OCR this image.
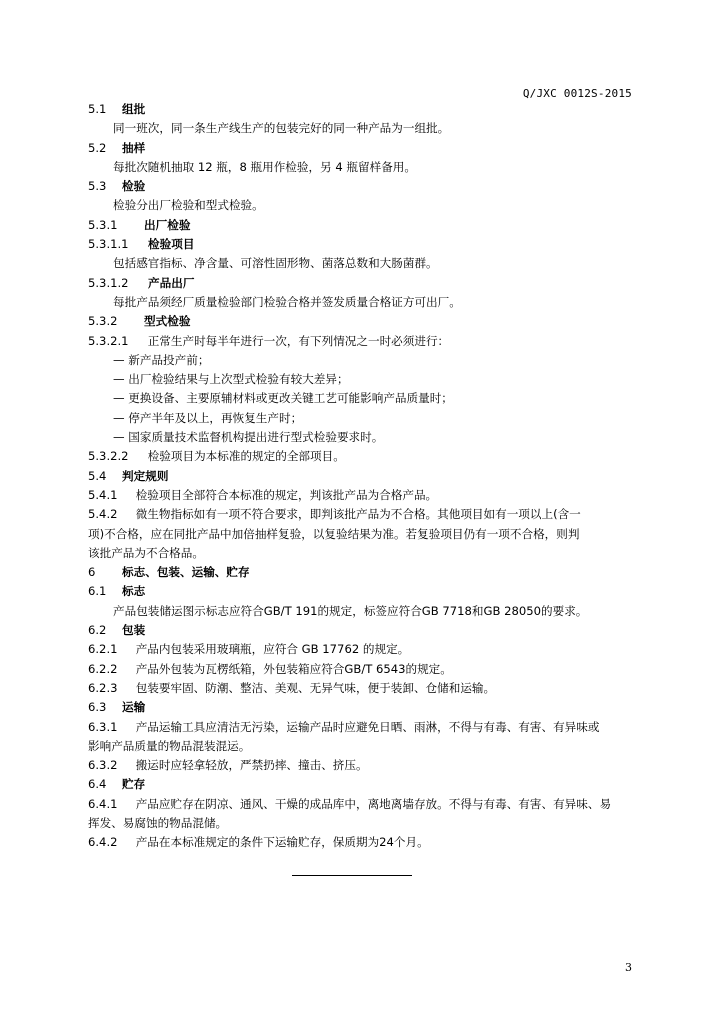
Q/JXC 0012S-2015
5.1 组批
同一班次，同一条生产线生产的包装完好的同一种产品为一组批。
5.2 抽样
每批次随机抽取 12 瓶，8 瓶用作检验，另 4 瓶留样备用。
5.3 检验
检验分出厂检验和型式检验。
5.3.1 出厂检验
5.3.1.1 检验项目
包括感官指标、净含量、可溶性固形物、菌落总数和大肠菌群。
5.3.1.2 产品出厂
每批产品须经厂质量检验部门检验合格并签发质量合格证方可出厂。
5.3.2 型式检验
5.3.2.1 正常生产时每半年进行一次，有下列情况之一时必须进行：
— 新产品投产前；
— 出厂检验结果与上次型式检验有较大差异；
— 更换设备、主要原辅材料或更改关键工艺可能影响产品质量时；
— 停产半年及以上，再恢复生产时；
— 国家质量技术监督机构提出进行型式检验要求时。
5.3.2.2 检验项目为本标准的规定的全部项目。
5.4 判定规则
5.4.1 检验项目全部符合本标准的规定，判该批产品为合格产品。
5.4.2 微生物指标如有一项不符合要求，即判该批产品为不合格。其他项目如有一项以上(含一
项)不合格，应在同批产品中加倍抽样复验，以复验结果为准。若复验项目仍有一项不合格，则判
该批产品为不合格品。
6 标志、包装、运输、贮存
6.1 标志
产品包装储运图示标志应符合GB/T 191的规定，标签应符合GB 7718和GB 28050的要求。
6.2 包装
6.2.1 产品内包装采用玻璃瓶，应符合 GB 17762 的规定。
6.2.2 产品外包装为瓦楞纸箱，外包装箱应符合GB/T 6543的规定。
6.2.3 包装要牢固、防潮、整洁、美观、无异气味，便于装卸、仓储和运输。
6.3 运输
6.3.1 产品运输工具应清洁无污染，运输产品时应避免日晒、雨淋，不得与有毒、有害、有异味或
影响产品质量的物品混装混运。
6.3.2 搬运时应轻拿轻放，严禁扔摔、撞击、挤压。
6.4 贮存
6.4.1 产品应贮存在阴凉、通风、干燥的成品库中，离地离墙存放。不得与有毒、有害、有异味、易
挥发、易腐蚀的物品混储。
6.4.2 产品在本标准规定的条件下运输贮存，保质期为24个月。
3
